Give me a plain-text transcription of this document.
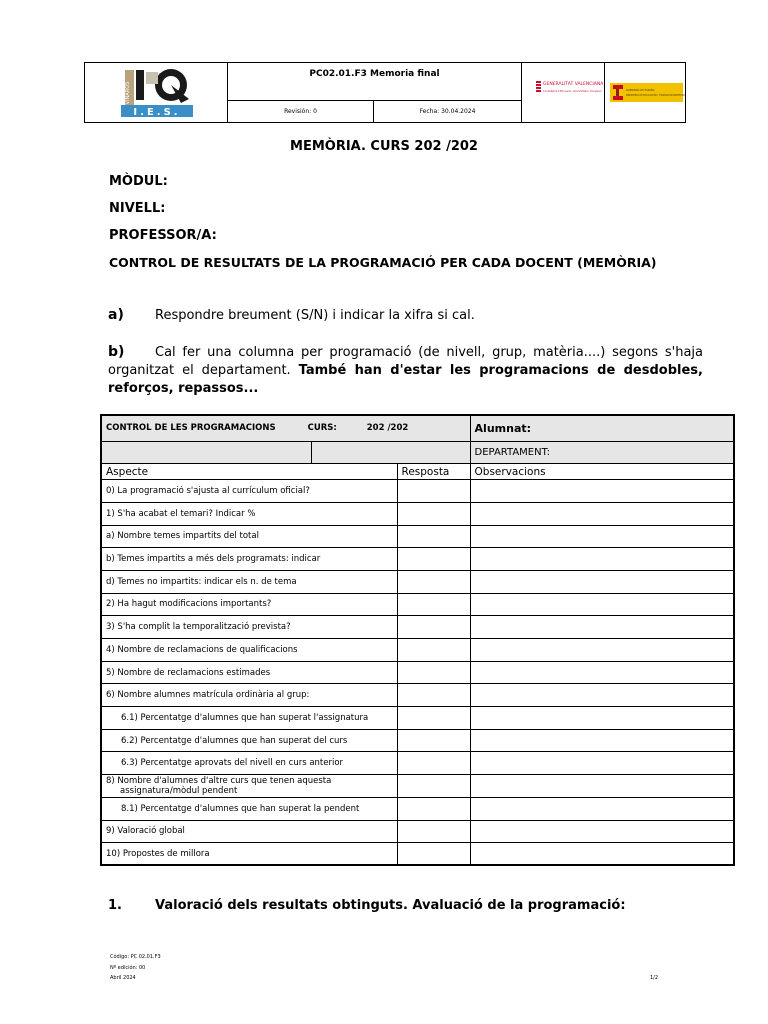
VINARÒS
I.E.S.
PC02.01.F3 Memoria final
Revisión: 0	Fecha: 30.04.2024
GENERALITAT VALENCIANA
Conselleria d'Educació, Universitats i Ocupació	GOBIERNO DE ESPAÑA
MINISTERIO DE EDUCACIÓN Y FORMACIÓN PROFESIONAL
MEMÒRIA. CURS 202 /202
MÒDUL:
NIVELL:
PROFESSOR/A:
CONTROL DE RESULTATS DE LA PROGRAMACIÓ PER CADA DOCENT (MEMÒRIA)
a) Respondre breument (S/N) i indicar la xifra si cal.
b) Cal fer una columna per programació (de nivell, grup, matèria....) segons s'haja organitzat el departament. També han d'estar les programacions de desdobles, reforços, repassos...
CONTROL DE LES PROGRAMACIONS CURS: 202 /202			Alumnat:
			DEPARTAMENT:
Aspecte		Resposta	Observacions
0) La programació s'ajusta al currículum oficial?			
1) S'ha acabat el temari? Indicar %			
a) Nombre temes impartits del total			
b) Temes impartits a més dels programats: indicar			
d) Temes no impartits: indicar els n. de tema			
2) Ha hagut modificacions importants?			
3) S'ha complit la temporalització prevista?			
4) Nombre de reclamacions de qualificacions			
5) Nombre de reclamacions estimades			
6) Nombre alumnes matrícula ordinària al grup:			
6.1) Percentatge d'alumnes que han superat l'assignatura			
6.2) Percentatge d'alumnes que han superat del curs			
6.3) Percentatge aprovats del nivell en curs anterior			
8) Nombre d'alumnes d'altre curs que tenen aquesta
assignatura/mòdul pendent			
8.1) Percentatge d'alumnes que han superat la pendent			
9) Valoració global			
10) Propostes de millora			
1.	Valoració dels resultats obtinguts. Avaluació de la programació:
Código: PC 02.01.F3
Nº edición: 00
Abril 2024	1/2
